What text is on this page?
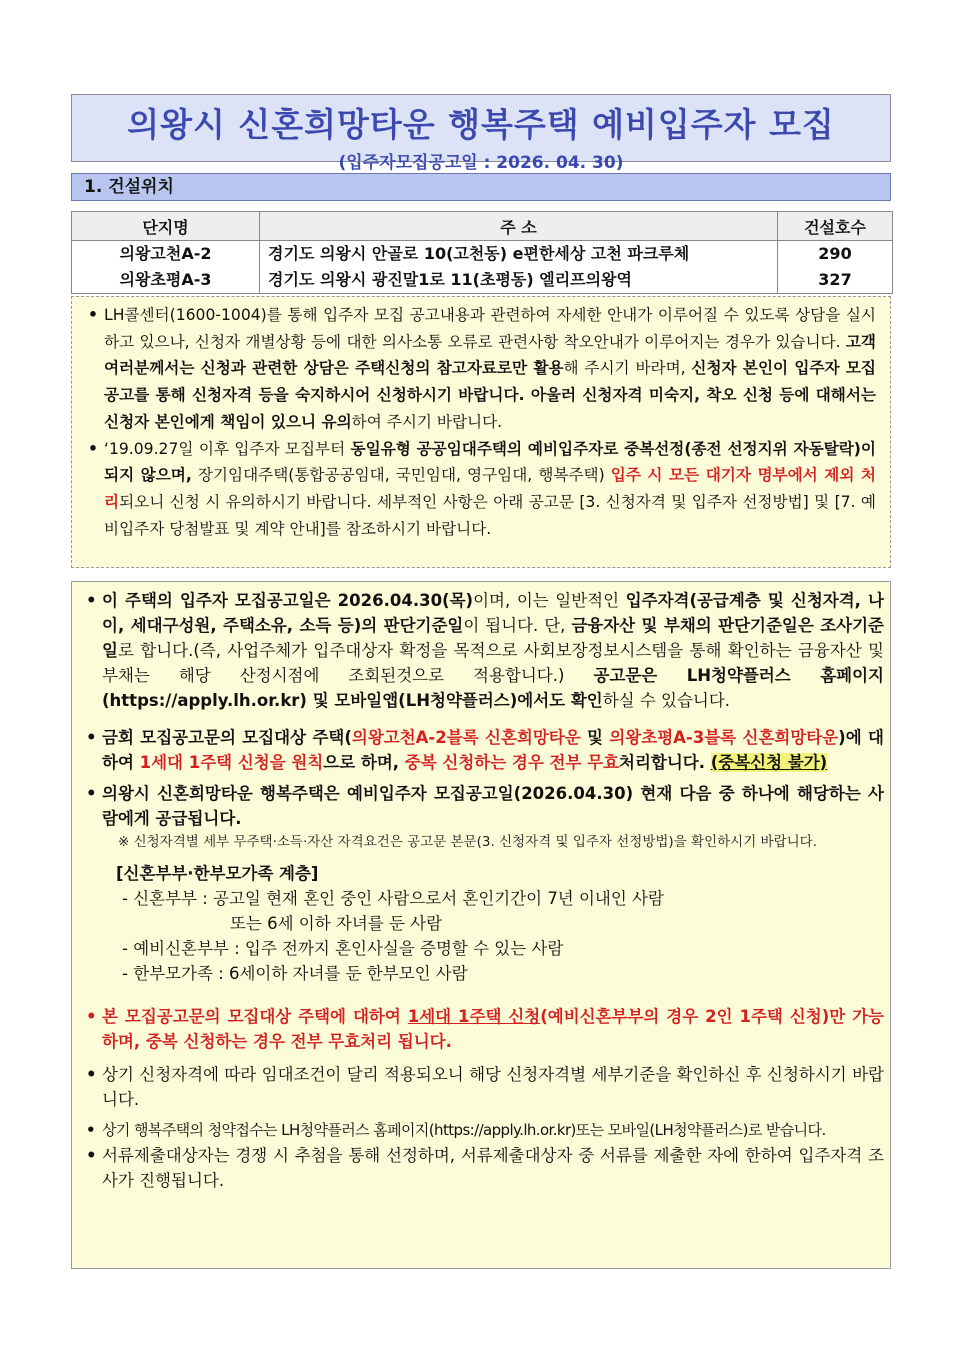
의왕시 신혼희망타운 행복주택 예비입주자 모집
(입주자모집공고일 : 2026. 04. 30)
1. 건설위치
단지명	주 소	건설호수
의왕고천A-2	경기도 의왕시 안골로 10(고천동) e편한세상 고천 파크루체	290
의왕초평A-3	경기도 의왕시 광진말1로 11(초평동) 엘리프의왕역	327

• LH콜센터(1600-1004)를 통해 입주자 모집 공고내용과 관련하여 자세한 안내가 이루어질 수 있도록 상담을 실시하고 있으나, 신청자 개별상황 등에 대한 의사소통 오류로 관련사항 착오안내가 이루어지는 경우가 있습니다. 고객 여러분께서는 신청과 관련한 상담은 주택신청의 참고자료로만 활용해 주시기 바라며, 신청자 본인이 입주자 모집공고를 통해 신청자격 등을 숙지하시어 신청하시기 바랍니다. 아울러 신청자격 미숙지, 착오 신청 등에 대해서는 신청자 본인에게 책임이 있으니 유의하여 주시기 바랍니다.

• ‘19.09.27일 이후 입주자 모집부터 동일유형 공공임대주택의 예비입주자로 중복선정(종전 선정지위 자동탈락)이 되지 않으며, 장기임대주택(통합공공임대, 국민임대, 영구임대, 행복주택) 입주 시 모든 대기자 명부에서 제외 처리되오니 신청 시 유의하시기 바랍니다. 세부적인 사항은 아래 공고문 [3. 신청자격 및 입주자 선정방법] 및 [7. 예비입주자 당첨발표 및 계약 안내]를 참조하시기 바랍니다.

• 이 주택의 입주자 모집공고일은 2026.04.30(목)이며, 이는 일반적인 입주자격(공급계층 및 신청자격, 나이, 세대구성원, 주택소유, 소득 등)의 판단기준일이 됩니다. 단, 금융자산 및 부채의 판단기준일은 조사기준일로 합니다.(즉, 사업주체가 입주대상자 확정을 목적으로 사회보장정보시스템을 통해 확인하는 금융자산 및 부채는 해당 산정시점에 조회된것으로 적용합니다.) 공고문은 LH청약플러스 홈페이지(https://apply.lh.or.kr) 및 모바일앱(LH청약플러스)에서도 확인하실 수 있습니다.

• 금회 모집공고문의 모집대상 주택(의왕고천A-2블록 신혼희망타운 및 의왕초평A-3블록 신혼희망타운)에 대하여 1세대 1주택 신청을 원칙으로 하며, 중복 신청하는 경우 전부 무효처리합니다. (중복신청 불가)

• 의왕시 신혼희망타운 행복주택은 예비입주자 모집공고일(2026.04.30) 현재 다음 중 하나에 해당하는 사람에게 공급됩니다.

※ 신청자격별 세부 무주택·소득·자산 자격요건은 공고문 본문(3. 신청자격 및 입주자 선정방법)을 확인하시기 바랍니다.
[신혼부부·한부모가족 계층]
- 신혼부부 : 공고일 현재 혼인 중인 사람으로서 혼인기간이 7년 이내인 사람
또는 6세 이하 자녀를 둔 사람
- 예비신혼부부 : 입주 전까지 혼인사실을 증명할 수 있는 사람
- 한부모가족 : 6세이하 자녀를 둔 한부모인 사람

• 본 모집공고문의 모집대상 주택에 대하여 1세대 1주택 신청(예비신혼부부의 경우 2인 1주택 신청)만 가능하며, 중복 신청하는 경우 전부 무효처리 됩니다.

• 상기 신청자격에 따라 임대조건이 달리 적용되오니 해당 신청자격별 세부기준을 확인하신 후 신청하시기 바랍니다.

• 상기 행복주택의 청약접수는 LH청약플러스 홈페이지(https://apply.lh.or.kr)또는 모바일(LH청약플러스)로 받습니다.

• 서류제출대상자는 경쟁 시 추첨을 통해 선정하며, 서류제출대상자 중 서류를 제출한 자에 한하여 입주자격 조사가 진행됩니다.
